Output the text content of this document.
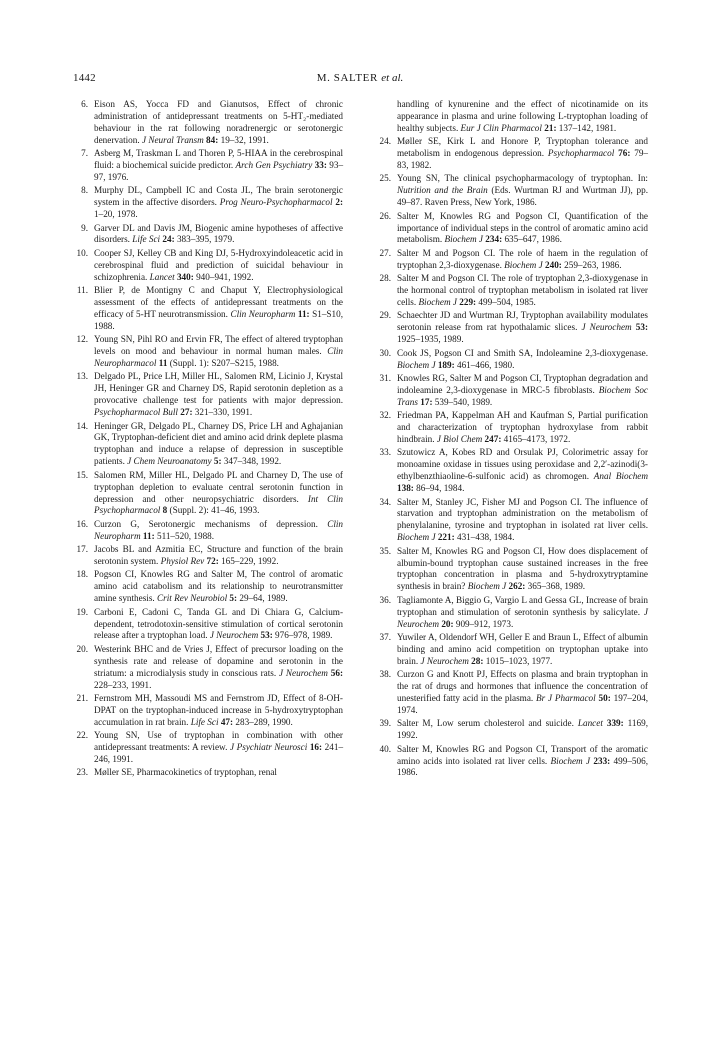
1442	M. SALTER et al.
6 . Eison AS, Yocca FD and Gianutsos, Effect of chronic administration of antidepressant treatments on 5-HT₂-mediated behaviour in the rat following noradrenergic or serotonergic denervation. J Neural Transm 84: 19–32, 1991.
7 . Asberg M, Traskman L and Thoren P, 5-HIAA in the cerebrospinal fluid: a biochemical suicide predictor. Arch Gen Psychiatry 33: 93–97, 1976.
8 . Murphy DL, Campbell IC and Costa JL, The brain serotonergic system in the affective disorders. Prog Neuro-Psychopharmacol 2: 1–20, 1978.
9 . Garver DL and Davis JM, Biogenic amine hypotheses of affective disorders. Life Sci 24: 383–395, 1979.
10 . Cooper SJ, Kelley CB and King DJ, 5-Hydroxyindoleacetic acid in cerebrospinal fluid and prediction of suicidal behaviour in schizophrenia. Lancet 340: 940–941, 1992.
11 . Blier P, de Montigny C and Chaput Y, Electrophysiological assessment of the effects of antidepressant treatments on the efficacy of 5-HT neurotransmission. Clin Neuropharm 11: S1–S10, 1988.
12 . Young SN, Pihl RO and Ervin FR, The effect of altered tryptophan levels on mood and behaviour in normal human males. Clin Neuropharmacol 11 (Suppl. 1): S207–S215, 1988.
13 . Delgado PL, Price LH, Miller HL, Salomen RM, Licinio J, Krystal JH, Heninger GR and Charney DS, Rapid serotonin depletion as a provocative challenge test for patients with major depression. Psychopharmacol Bull 27: 321–330, 1991.
14 . Heninger GR, Delgado PL, Charney DS, Price LH and Aghajanian GK, Tryptophan-deficient diet and amino acid drink deplete plasma tryptophan and induce a relapse of depression in susceptible patients. J Chem Neuroanatomy 5: 347–348, 1992.
15 . Salomen RM, Miller HL, Delgado PL and Charney D, The use of tryptophan depletion to evaluate central serotonin function in depression and other neuropsychiatric disorders. Int Clin Psychopharmacol 8 (Suppl. 2): 41–46, 1993.
16 . Curzon G, Serotonergic mechanisms of depression. Clin Neuropharm 11: 511–520, 1988.
17 . Jacobs BL and Azmitia EC, Structure and function of the brain serotonin system. Physiol Rev 72: 165–229, 1992.
18 . Pogson CI, Knowles RG and Salter M, The control of aromatic amino acid catabolism and its relationship to neurotransmitter amine synthesis. Crit Rev Neurobiol 5: 29–64, 1989.
19 . Carboni E, Cadoni C, Tanda GL and Di Chiara G, Calcium-dependent, tetrodotoxin-sensitive stimulation of cortical serotonin release after a tryptophan load. J Neurochem 53: 976–978, 1989.
20 . Westerink BHC and de Vries J, Effect of precursor loading on the synthesis rate and release of dopamine and serotonin in the striatum: a microdialysis study in conscious rats. J Neurochem 56: 228–233, 1991.
21 . Fernstrom MH, Massoudi MS and Fernstrom JD, Effect of 8-OH-DPAT on the tryptophan-induced increase in 5-hydroxytryptophan accumulation in rat brain. Life Sci 47: 283–289, 1990.
22 . Young SN, Use of tryptophan in combination with other antidepressant treatments: A review. J Psychiatr Neurosci 16: 241–246, 1991.
23 . Møller SE, Pharmacokinetics of tryptophan, renal
handling of kynurenine and the effect of nicotinamide on its appearance in plasma and urine following L-tryptophan loading of healthy subjects. Eur J Clin Pharmacol 21: 137–142, 1981.
24 . Møller SE, Kirk L and Honore P, Tryptophan tolerance and metabolism in endogenous depression. Psychopharmacol 76: 79–83, 1982.
25 . Young SN, The clinical psychopharmacology of tryptophan. In: Nutrition and the Brain (Eds. Wurtman RJ and Wurtman JJ), pp. 49–87. Raven Press, New York, 1986.
26 . Salter M, Knowles RG and Pogson CI, Quantification of the importance of individual steps in the control of aromatic amino acid metabolism. Biochem J 234: 635–647, 1986.
27 . Salter M and Pogson CI. The role of haem in the regulation of tryptophan 2,3-dioxygenase. Biochem J 240: 259–263, 1986.
28 . Salter M and Pogson CI. The role of tryptophan 2,3-dioxygenase in the hormonal control of tryptophan metabolism in isolated rat liver cells. Biochem J 229: 499–504, 1985.
29 . Schaechter JD and Wurtman RJ, Tryptophan availability modulates serotonin release from rat hypothalamic slices. J Neurochem 53: 1925–1935, 1989.
30 . Cook JS, Pogson CI and Smith SA, Indoleamine 2,3-dioxygenase. Biochem J 189: 461–466, 1980.
31 . Knowles RG, Salter M and Pogson CI, Tryptophan degradation and indoleamine 2,3-dioxygenase in MRC-5 fibroblasts. Biochem Soc Trans 17: 539–540, 1989.
32 . Friedman PA, Kappelman AH and Kaufman S, Partial purification and characterization of tryptophan hydroxylase from rabbit hindbrain. J Biol Chem 247: 4165–4173, 1972.
33 . Szutowicz A, Kobes RD and Orsulak PJ, Colorimetric assay for monoamine oxidase in tissues using peroxidase and 2,2′-azinodi(3-ethylbenzthiaoline-6-sulfonic acid) as chromogen. Anal Biochem 138: 86–94, 1984.
34 . Salter M, Stanley JC, Fisher MJ and Pogson CI. The influence of starvation and tryptophan administration on the metabolism of phenylalanine, tyrosine and tryptophan in isolated rat liver cells. Biochem J 221: 431–438, 1984.
35 . Salter M, Knowles RG and Pogson CI, How does displacement of albumin-bound tryptophan cause sustained increases in the free tryptophan concentration in plasma and 5-hydroxytryptamine synthesis in brain? Biochem J 262: 365–368, 1989.
36 . Tagliamonte A, Biggio G, Vargio L and Gessa GL, Increase of brain tryptophan and stimulation of serotonin synthesis by salicylate. J Neurochem 20: 909–912, 1973.
37 . Yuwiler A, Oldendorf WH, Geller E and Braun L, Effect of albumin binding and amino acid competition on tryptophan uptake into brain. J Neurochem 28: 1015–1023, 1977.
38 . Curzon G and Knott PJ, Effects on plasma and brain tryptophan in the rat of drugs and hormones that influence the concentration of unesterified fatty acid in the plasma. Br J Pharmacol 50: 197–204, 1974.
39 . Salter M, Low serum cholesterol and suicide. Lancet 339: 1169, 1992.
40 . Salter M, Knowles RG and Pogson CI, Transport of the aromatic amino acids into isolated rat liver cells. Biochem J 233: 499–506, 1986.
